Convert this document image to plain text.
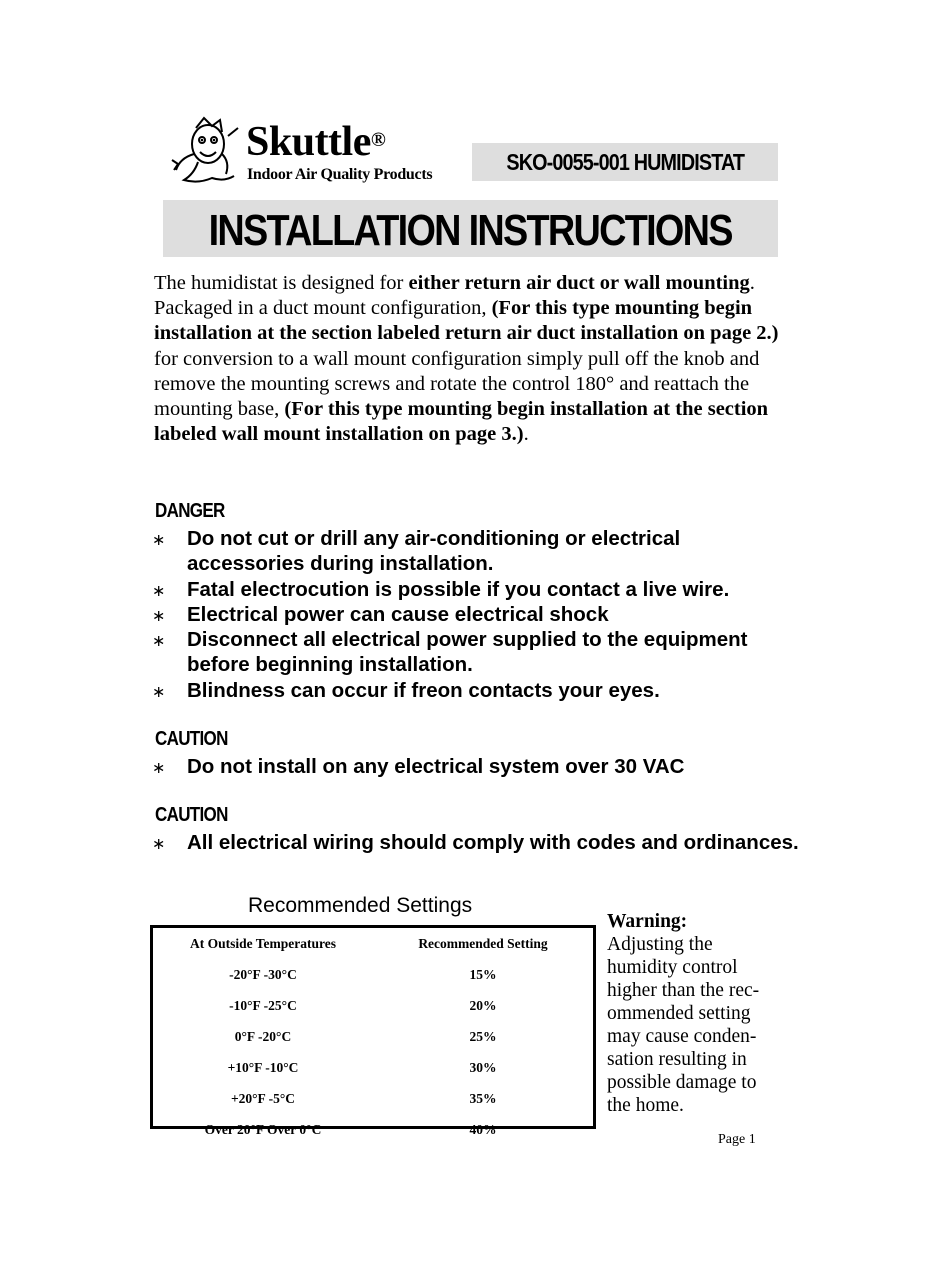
Skuttle®
Indoor Air Quality Products	SKO-0055-001 HUMIDISTAT
INSTALLATION INSTRUCTIONS
The humidistat is designed for either return air duct or wall mounting. Packaged in a duct mount configuration, (For this type mounting begin installation at the section labeled return air duct installation on page 2.) for conversion to a wall mount configuration simply pull off the knob and remove the mounting screws and rotate the control 180° and reattach the mounting base, (For this type mounting begin installation at the section labeled wall mount installation on page 3.).
DANGER
∗ Do not cut or drill any air-conditioning or electrical accessories during installation.
∗ Fatal electrocution is possible if you contact a live wire.
∗ Electrical power can cause electrical shock
∗ Disconnect all electrical power supplied to the equipment before beginning installation.
∗ Blindness can occur if freon contacts your eyes.
CAUTION
∗ Do not install on any electrical system over 30 VAC
CAUTION
∗ All electrical wiring should comply with codes and ordinances.
Recommended Settings
At Outside Temperatures	Recommended Setting
-20°F -30°C	15%
-10°F -25°C	20%
0°F -20°C	25%
+10°F -10°C	30%
+20°F -5°C	35%
Over 20°F Over 0°C	40%
Warning:
Adjusting the humidity control higher than the rec-ommended setting may cause conden-sation resulting in possible damage to the home.
Page 1
